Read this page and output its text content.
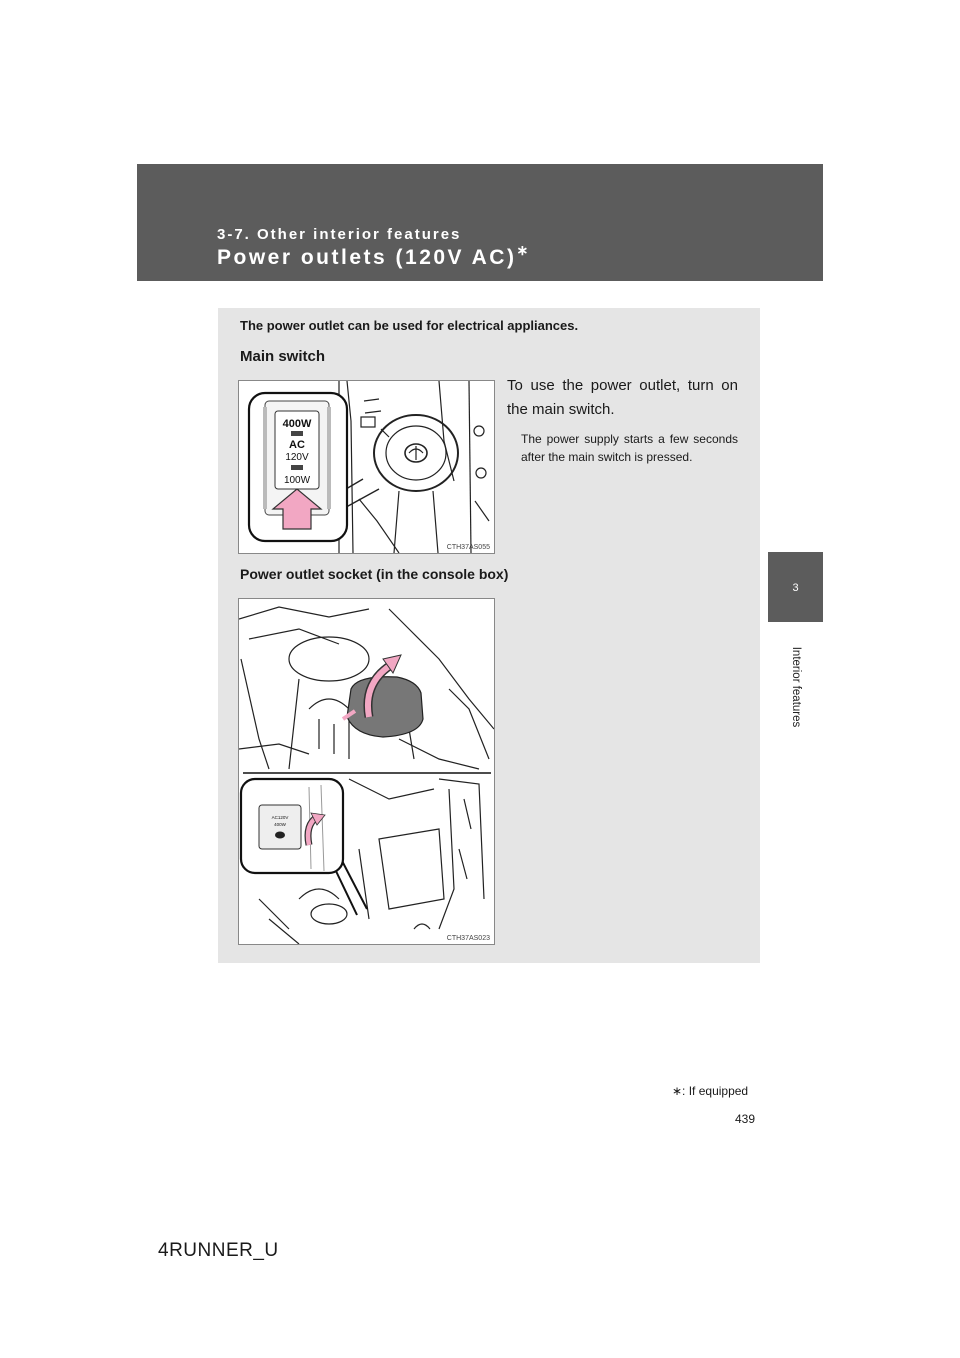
3-7. Other interior features
Power outlets (120V AC)∗
3
Interior features
The power outlet can be used for electrical appliances.
Main switch
400W
AC
120V
100W
CTH37AS055
To use the power outlet, turn on the main switch.
The power supply starts a few seconds after the main switch is pressed.
Power outlet socket (in the console box)
AC120V
400W
CTH37AS023
∗: If equipped
439
4RUNNER_U
